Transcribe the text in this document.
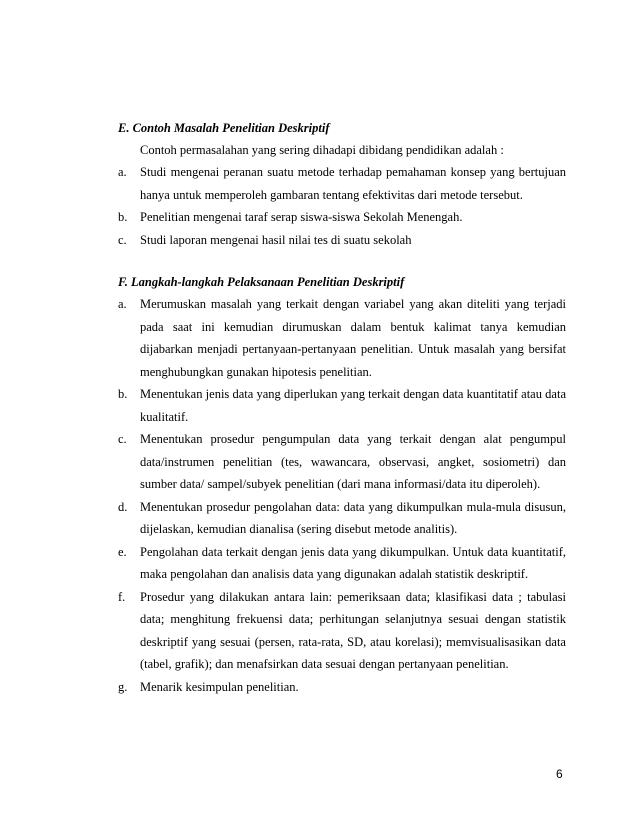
E. Contoh Masalah Penelitian Deskriptif

Contoh permasalahan yang sering dihadapi dibidang pendidikan adalah :

a.	Studi mengenai peranan suatu metode terhadap pemahaman konsep yang bertujuan hanya untuk memperoleh gambaran tentang efektivitas dari metode tersebut.
b.	Penelitian mengenai taraf serap siswa-siswa Sekolah Menengah.
c.	Studi laporan mengenai hasil nilai tes di suatu sekolah

F. Langkah-langkah Pelaksanaan Penelitian Deskriptif

a.	Merumuskan masalah yang terkait dengan variabel yang akan diteliti yang terjadi pada saat ini kemudian dirumuskan dalam bentuk kalimat tanya kemudian dijabarkan menjadi pertanyaan-pertanyaan penelitian. Untuk masalah yang bersifat menghubungkan gunakan hipotesis penelitian.
b.	Menentukan jenis data yang diperlukan yang terkait dengan data kuantitatif atau data kualitatif.
c.	Menentukan prosedur pengumpulan data yang terkait dengan alat pengumpul data/instrumen penelitian (tes, wawancara, observasi, angket, sosiometri) dan sumber data/ sampel/subyek penelitian (dari mana informasi/data itu diperoleh).
d.	Menentukan prosedur pengolahan data: data yang dikumpulkan mula-mula disusun, dijelaskan, kemudian dianalisa (sering disebut metode analitis).
e.	Pengolahan data terkait dengan jenis data yang dikumpulkan. Untuk data kuantitatif, maka pengolahan dan analisis data yang digunakan adalah statistik deskriptif.
f.	Prosedur yang dilakukan antara lain: pemeriksaan data; klasifikasi data ; tabulasi data; menghitung frekuensi data; perhitungan selanjutnya sesuai dengan statistik deskriptif yang sesuai (persen, rata-rata, SD, atau korelasi); memvisualisasikan data (tabel, grafik); dan menafsirkan data sesuai dengan pertanyaan penelitian.
g.	Menarik kesimpulan penelitian.
6
